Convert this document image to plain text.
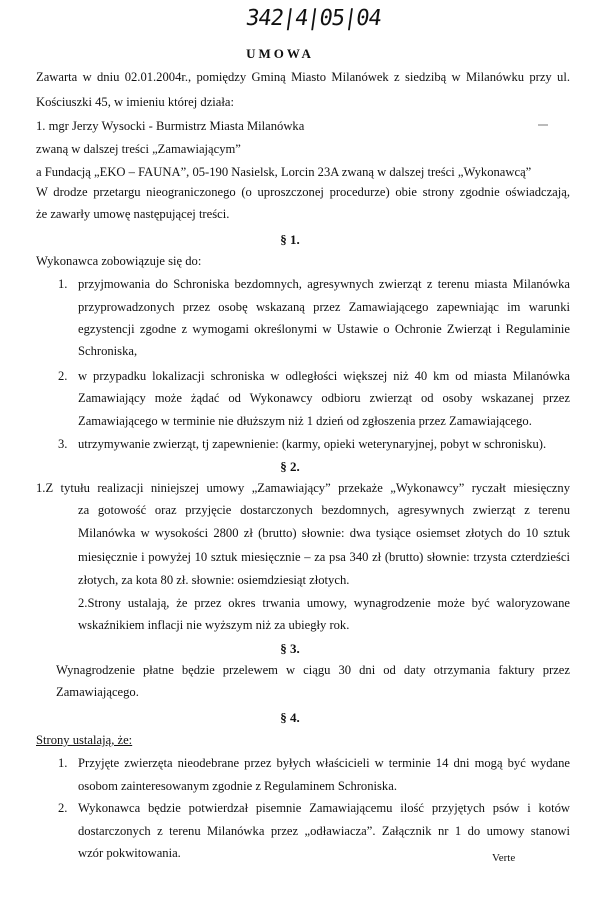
342|4|05|04
UMOWA
Zawarta w dniu 02.01.2004r., pomiędzy Gminą Miasto Milanówek z siedzibą w Milanówku przy ul.
Kościuszki 45, w imieniu której działa:
1. mgr Jerzy Wysocki - Burmistrz Miasta Milanówka
zwaną w dalszej treści „Zamawiającym”
a Fundacją „EKO – FAUNA”, 05-190 Nasielsk, Lorcin 23A zwaną w dalszej treści „Wykonawcą”
W drodze przetargu nieograniczonego (o uproszczonej procedurze) obie strony zgodnie oświadczają,
że zawarły umowę następującej treści.
§ 1.
Wykonawca zobowiązuje się do:
1. przyjmowania do Schroniska bezdomnych, agresywnych zwierząt z terenu miasta Milanówka
przyprowadzonych przez osobę wskazaną przez Zamawiającego zapewniając im warunki
egzystencji zgodne z wymogami określonymi w Ustawie o Ochronie Zwierząt i Regulaminie
Schroniska,
2. w przypadku lokalizacji schroniska w odległości większej niż 40 km od miasta Milanówka
Zamawiający może żądać od Wykonawcy odbioru zwierząt od osoby wskazanej przez
Zamawiającego w terminie nie dłuższym niż 1 dzień od zgłoszenia przez Zamawiającego.
3. utrzymywanie zwierząt, tj zapewnienie: (karmy, opieki weterynaryjnej, pobyt w schronisku).
§ 2.
1.Z tytułu realizacji niniejszej umowy „Zamawiający” przekaże „Wykonawcy” ryczałt miesięczny
za gotowość oraz przyjęcie dostarczonych bezdomnych, agresywnych zwierząt z terenu
Milanówka w wysokości 2800 zł (brutto) słownie: dwa tysiące osiemset złotych do 10 sztuk
miesięcznie i powyżej 10 sztuk miesięcznie – za psa 340 zł (brutto) słownie: trzysta czterdzieści
złotych, za kota 80 zł. słownie: osiemdziesiąt złotych.
2.Strony ustalają, że przez okres trwania umowy, wynagrodzenie może być waloryzowane
wskaźnikiem inflacji nie wyższym niż za ubiegły rok.
§ 3.
Wynagrodzenie płatne będzie przelewem w ciągu 30 dni od daty otrzymania faktury przez
Zamawiającego.
§ 4.
Strony ustalają, że:
1. Przyjęte zwierzęta nieodebrane przez byłych właścicieli w terminie 14 dni mogą być wydane
osobom zainteresowanym zgodnie z Regulaminem Schroniska.
2. Wykonawca będzie potwierdzał pisemnie Zamawiającemu ilość przyjętych psów i kotów
dostarczonych z terenu Milanówka przez „odławiacza”. Załącznik nr 1 do umowy stanowi
wzór pokwitowania.	Verte
